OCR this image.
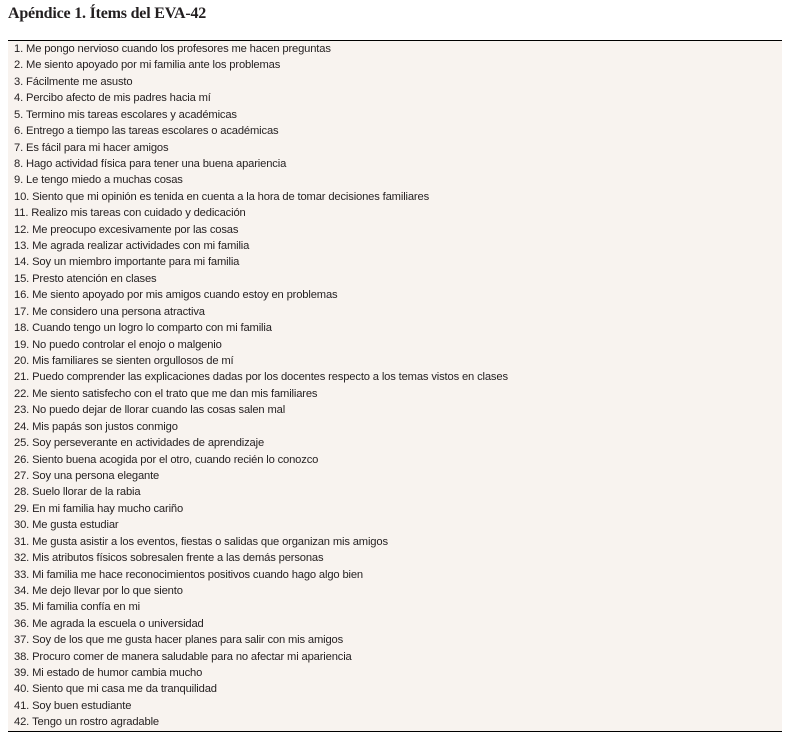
Apéndice 1. Ítems del EVA-42
1. Me pongo nervioso cuando los profesores me hacen preguntas
2. Me siento apoyado por mi familia ante los problemas
3. Fácilmente me asusto
4. Percibo afecto de mis padres hacia mí
5. Termino mis tareas escolares y académicas
6. Entrego a tiempo las tareas escolares o académicas
7. Es fácil para mi hacer amigos
8. Hago actividad física para tener una buena apariencia
9. Le tengo miedo a muchas cosas
10. Siento que mi opinión es tenida en cuenta a la hora de tomar decisiones familiares
11. Realizo mis tareas con cuidado y dedicación
12. Me preocupo excesivamente por las cosas
13. Me agrada realizar actividades con mi familia
14. Soy un miembro importante para mi familia
15. Presto atención en clases
16. Me siento apoyado por mis amigos cuando estoy en problemas
17. Me considero una persona atractiva
18. Cuando tengo un logro lo comparto con mi familia
19. No puedo controlar el enojo o malgenio
20. Mis familiares se sienten orgullosos de mí
21. Puedo comprender las explicaciones dadas por los docentes respecto a los temas vistos en clases
22. Me siento satisfecho con el trato que me dan mis familiares
23. No puedo dejar de llorar cuando las cosas salen mal
24. Mis papás son justos conmigo
25. Soy perseverante en actividades de aprendizaje
26. Siento buena acogida por el otro, cuando recién lo conozco
27. Soy una persona elegante
28. Suelo llorar de la rabia
29. En mi familia hay mucho cariño
30. Me gusta estudiar
31. Me gusta asistir a los eventos, fiestas o salidas que organizan mis amigos
32. Mis atributos físicos sobresalen frente a las demás personas
33. Mi familia me hace reconocimientos positivos cuando hago algo bien
34. Me dejo llevar por lo que siento
35. Mi familia confía en mi
36. Me agrada la escuela o universidad
37. Soy de los que me gusta hacer planes para salir con mis amigos
38. Procuro comer de manera saludable para no afectar mi apariencia
39. Mi estado de humor cambia mucho
40. Siento que mi casa me da tranquilidad
41. Soy buen estudiante
42. Tengo un rostro agradable
